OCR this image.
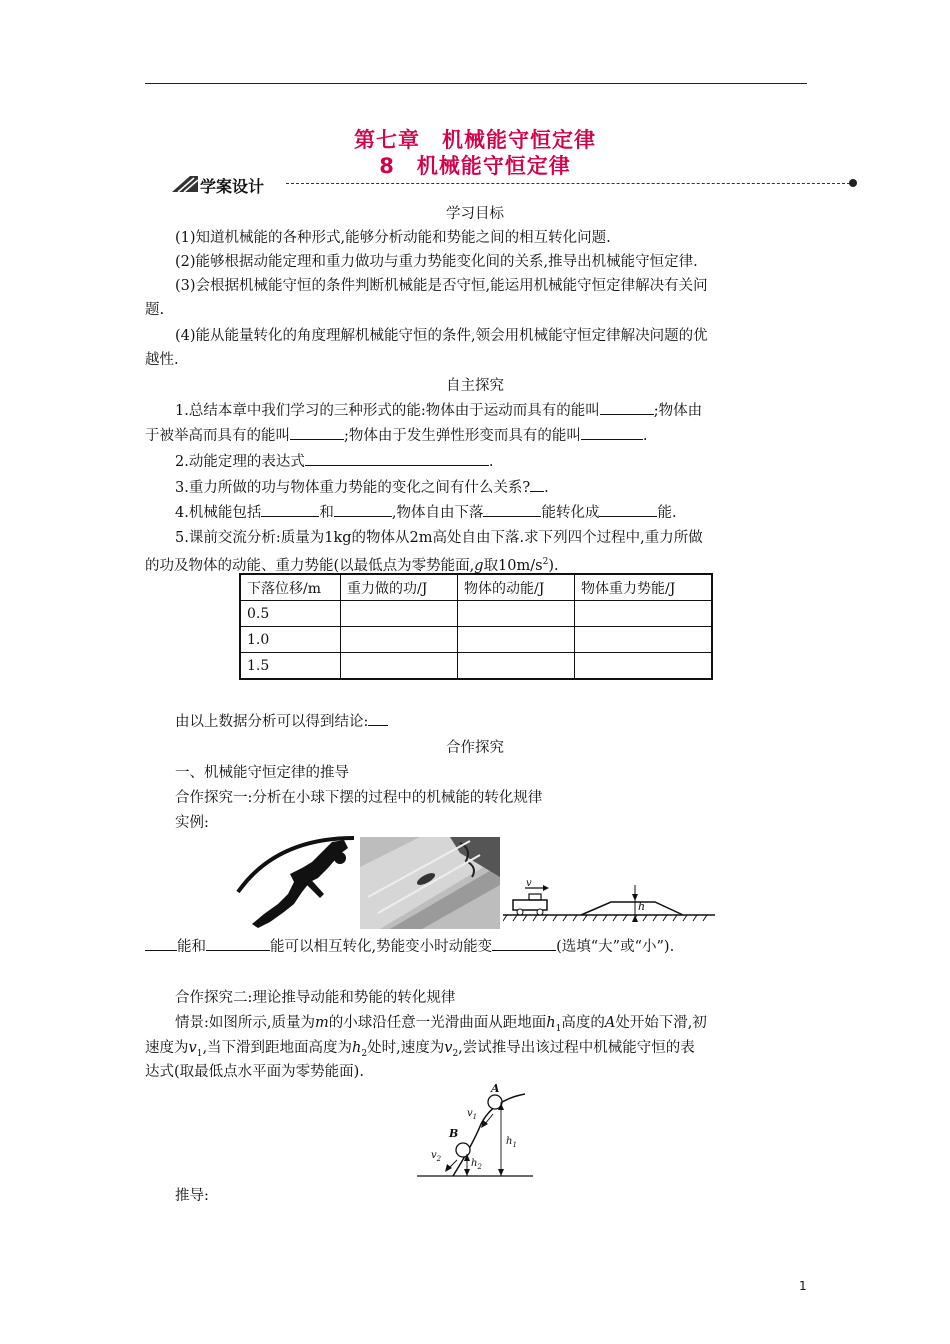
第七章　机械能守恒定律
8　机械能守恒定律
学案设计
学习目标
(1)知道机械能的各种形式,能够分析动能和势能之间的相互转化问题.
(2)能够根据动能定理和重力做功与重力势能变化间的关系,推导出机械能守恒定律.
(3)会根据机械能守恒的条件判断机械能是否守恒,能运用机械能守恒定律解决有关问
题.
(4)能从能量转化的角度理解机械能守恒的条件,领会用机械能守恒定律解决问题的优
越性.
自主探究
1.总结本章中我们学习的三种形式的能:物体由于运动而具有的能叫	;物体由
于被举高而具有的能叫	;物体由于发生弹性形变而具有的能叫	.
2.动能定理的表达式	.
3.重力所做的功与物体重力势能的变化之间有什么关系? .
4.机械能包括	和	,物体自由下落	能转化成	能.
5.课前交流分析:质量为1kg的物体从2m高处自由下落.求下列四个过程中,重力所做
的功及物体的动能、重力势能(以最低点为零势能面,g取$10m/s^2$).
下落位移/m	重力做的功/J	物体的动能/J	物体重力势能/J
0.5			
1.0			
1.5			
由以上数据分析可以得到结论:
合作探究
一、机械能守恒定律的推导
合作探究一:分析在小球下摆的过程中的机械能的转化规律
实例:
v
h
能和	能可以相互转化,势能变小时动能变	(选填“大”或“小”).
合作探究二:理论推导动能和势能的转化规律
情景:如图所示,质量为m的小球沿任意一光滑曲面从距地面$h_1$高度的A处开始下滑,初
速度为$v_1$,当下滑到距地面高度为$h_2$处时,速度为$v_2$,尝试推导出该过程中机械能守恒的表
达式(取最低点水平面为零势能面).
A
B
$v_1$
$v_2$
$h_1$
$h_2$
推导:
1
